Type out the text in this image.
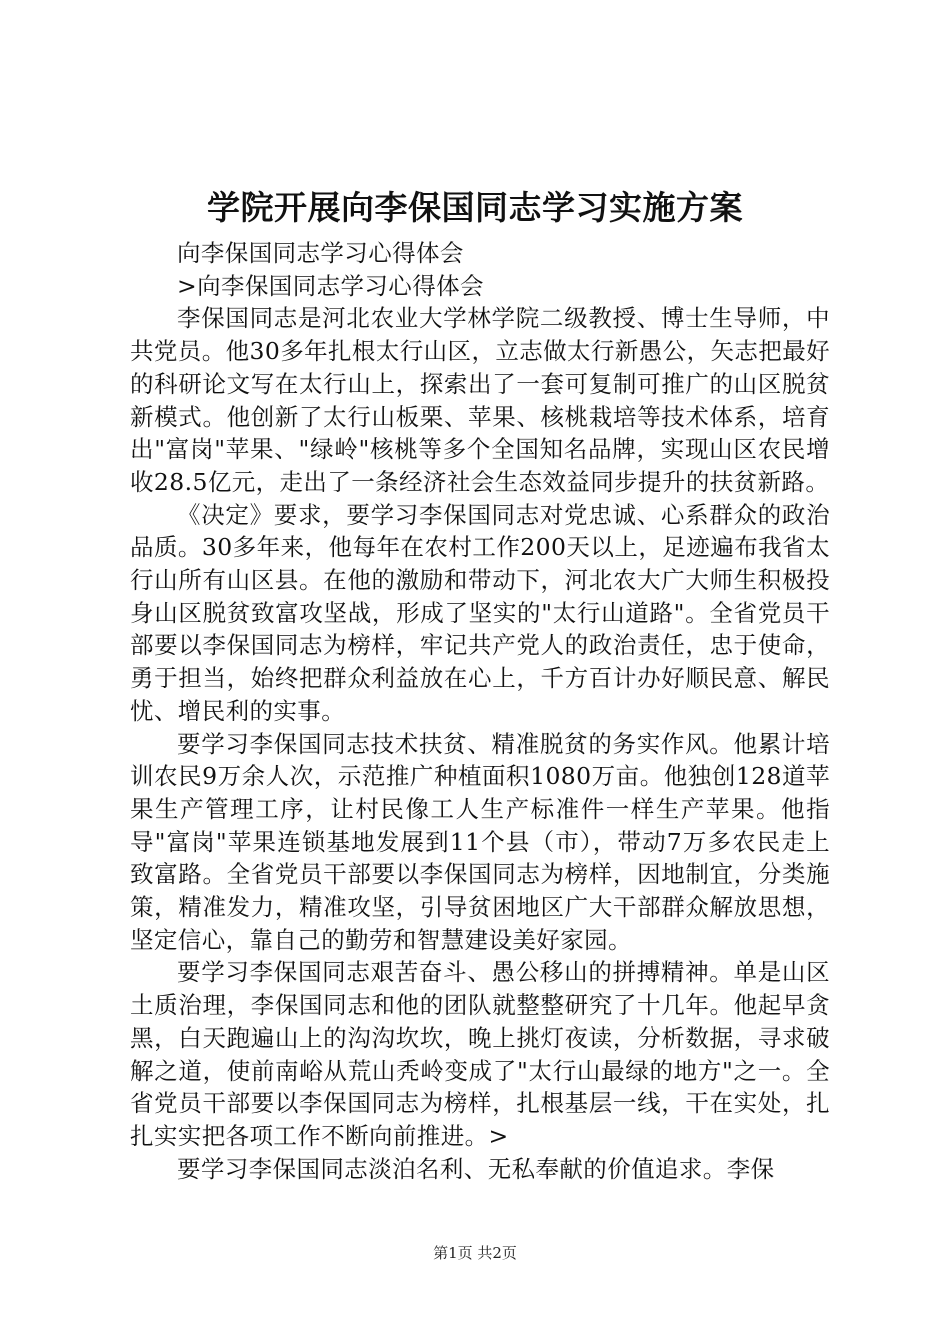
学院开展向李保国同志学习实施方案

向李保国同志学习心得体会

>向李保国同志学习心得体会

李保国同志是河北农业大学林学院二级教授、博士生导师，中共党员。他30多年扎根太行山区，立志做太行新愚公，矢志把最好的科研论文写在太行山上，探索出了一套可复制可推广的山区脱贫新模式。他创新了太行山板栗、苹果、核桃栽培等技术体系，培育出"富岗"苹果、"绿岭"核桃等多个全国知名品牌，实现山区农民增收28.5亿元，走出了一条经济社会生态效益同步提升的扶贫新路。

《决定》要求，要学习李保国同志对党忠诚、心系群众的政治品质。30多年来，他每年在农村工作200天以上，足迹遍布我省太行山所有山区县。在他的激励和带动下，河北农大广大师生积极投身山区脱贫致富攻坚战，形成了坚实的"太行山道路"。全省党员干部要以李保国同志为榜样，牢记共产党人的政治责任，忠于使命，勇于担当，始终把群众利益放在心上，千方百计办好顺民意、解民忧、增民利的实事。

要学习李保国同志技术扶贫、精准脱贫的务实作风。他累计培训农民9万余人次，示范推广种植面积1080万亩。他独创128道苹果生产管理工序，让村民像工人生产标准件一样生产苹果。他指导"富岗"苹果连锁基地发展到11个县（市），带动7万多农民走上致富路。全省党员干部要以李保国同志为榜样，因地制宜，分类施策，精准发力，精准攻坚，引导贫困地区广大干部群众解放思想，坚定信心，靠自己的勤劳和智慧建设美好家园。

要学习李保国同志艰苦奋斗、愚公移山的拼搏精神。单是山区土质治理，李保国同志和他的团队就整整研究了十几年。他起早贪黑，白天跑遍山上的沟沟坎坎，晚上挑灯夜读，分析数据，寻求破解之道，使前南峪从荒山秃岭变成了"太行山最绿的地方"之一。全省党员干部要以李保国同志为榜样，扎根基层一线，干在实处，扎扎实实把各项工作不断向前推进。>

要学习李保国同志淡泊名利、无私奉献的价值追求。李保

第1页 共2页
